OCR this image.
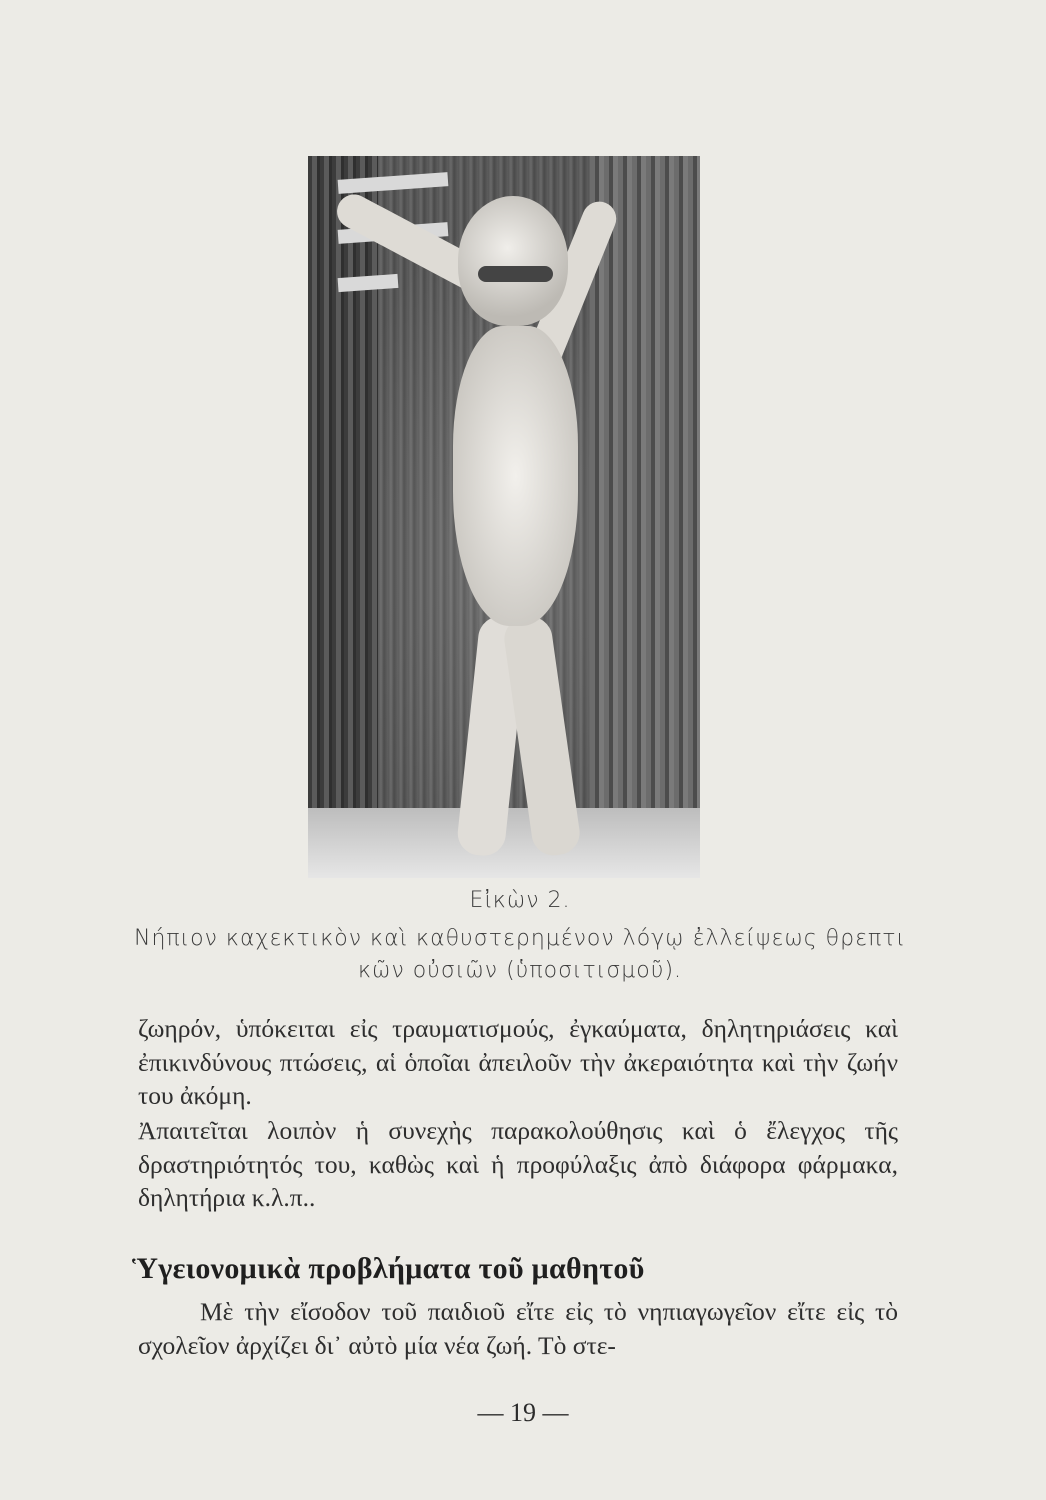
Εἰκὼν 2.
Νήπιον καχεκτικὸν καὶ καθυστερημένον λόγῳ ἐλλείψεως θρεπτι
κῶν οὐσιῶν (ὑποσιτισμοῦ).
ζωηρόν, ὑπόκειται εἰς τραυματισμούς, ἐγκαύματα, δηλητηριάσεις καὶ ἐπικινδύνους πτώσεις, αἱ ὁποῖαι ἀπειλοῦν τὴν ἀκεραιότητα καὶ τὴν ζωήν του ἀκόμη.
Ἀπαιτεῖται λοιπὸν ἡ συνεχὴς παρακολούθησις καὶ ὁ ἔλεγχος τῆς δραστηριότητός του, καθὼς καὶ ἡ προφύλαξις ἀπὸ διάφορα φάρμακα, δηλητήρια κ.λ.π..
Ὑγειονομικὰ προβλήματα τοῦ μαθητοῦ
Μὲ τὴν εἴσοδον τοῦ παιδιοῦ εἴτε εἰς τὸ νηπιαγωγεῖον εἴτε εἰς τὸ σχολεῖον ἀρχίζει δι᾽ αὐτὸ μία νέα ζωή. Τὸ στε-
— 19 —
